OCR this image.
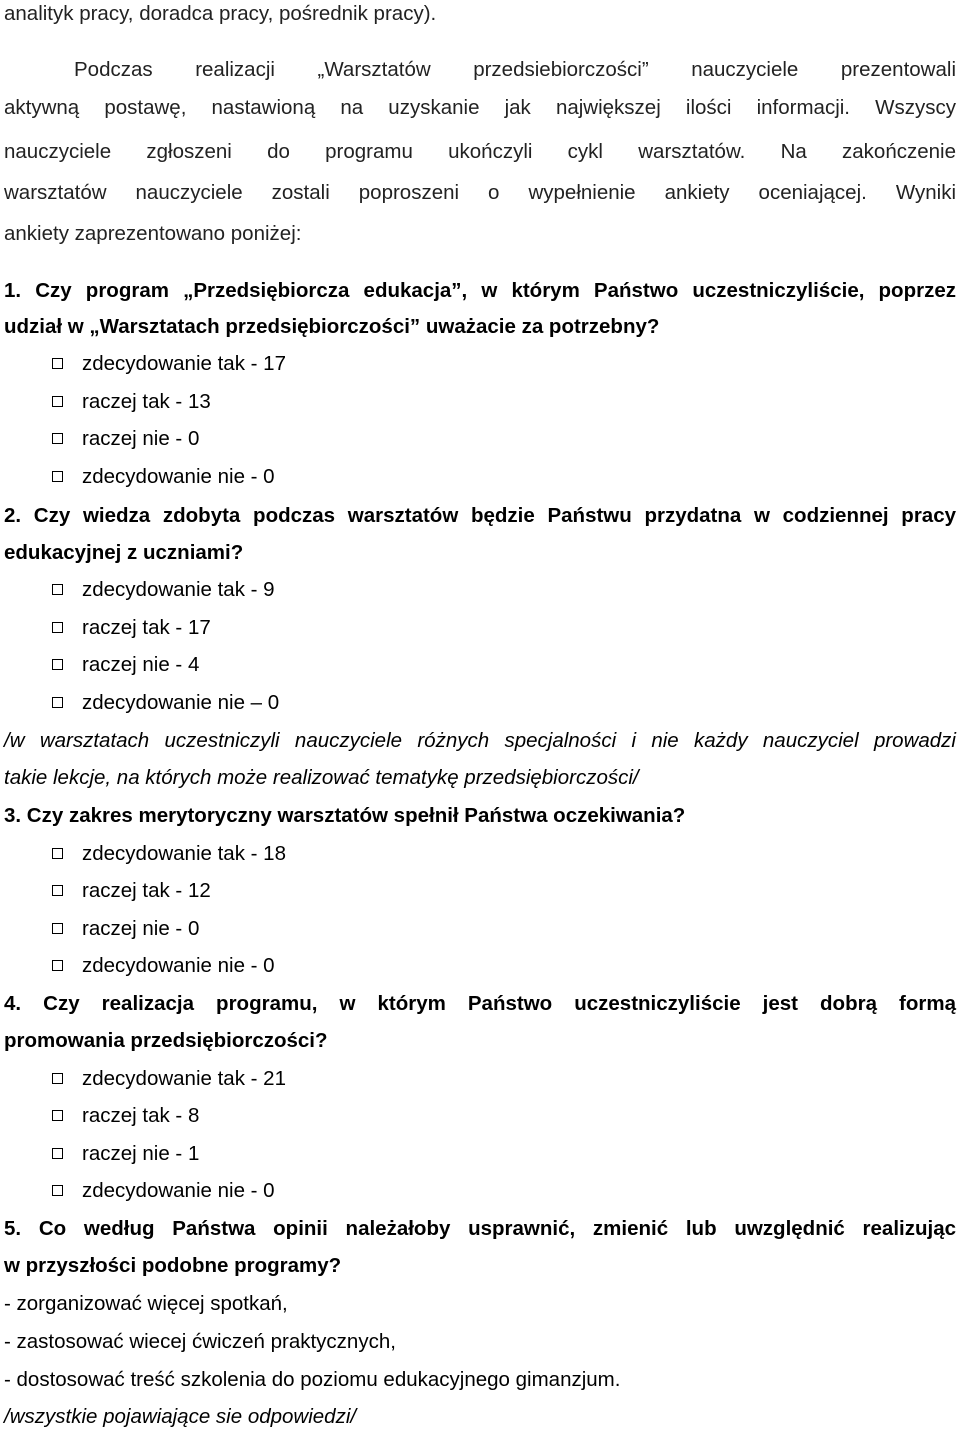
analityk pracy, doradca pracy, pośrednik pracy).
Podczas realizacji „Warsztatów przedsiebiorczości” nauczyciele prezentowali
aktywną postawę, nastawioną na uzyskanie jak największej ilości informacji. Wszyscy
nauczyciele zgłoszeni do programu ukończyli cykl warsztatów. Na zakończenie
warsztatów nauczyciele zostali poproszeni o wypełnienie ankiety oceniającej. Wyniki
ankiety zaprezentowano poniżej:
1. Czy program „Przedsiębiorcza edukacja”, w którym Państwo uczestniczyliście, poprzez
udział w „Warsztatach przedsiębiorczości” uważacie za potrzebny?
zdecydowanie tak - 17
raczej tak - 13
raczej nie - 0
zdecydowanie nie - 0
2. Czy wiedza zdobyta podczas warsztatów będzie Państwu przydatna w codziennej pracy
edukacyjnej z uczniami?
zdecydowanie tak - 9
raczej tak - 17
raczej nie - 4
zdecydowanie nie – 0
/w warsztatach uczestniczyli nauczyciele różnych specjalności i nie każdy nauczyciel prowadzi
takie lekcje, na których może realizować tematykę przedsiębiorczości/
3. Czy zakres merytoryczny warsztatów spełnił Państwa oczekiwania?
zdecydowanie tak - 18
raczej tak - 12
raczej nie - 0
zdecydowanie nie - 0
4. Czy realizacja programu, w którym Państwo uczestniczyliście jest dobrą formą
promowania przedsiębiorczości?
zdecydowanie tak - 21
raczej tak - 8
raczej nie - 1
zdecydowanie nie - 0
5. Co według Państwa opinii należałoby usprawnić, zmienić lub uwzględnić realizując
w przyszłości podobne programy?
- zorganizować więcej spotkań,
- zastosować wiecej ćwiczeń praktycznych,
- dostosować treść szkolenia do poziomu edukacyjnego gimanzjum.
/wszystkie pojawiające sie odpowiedzi/
